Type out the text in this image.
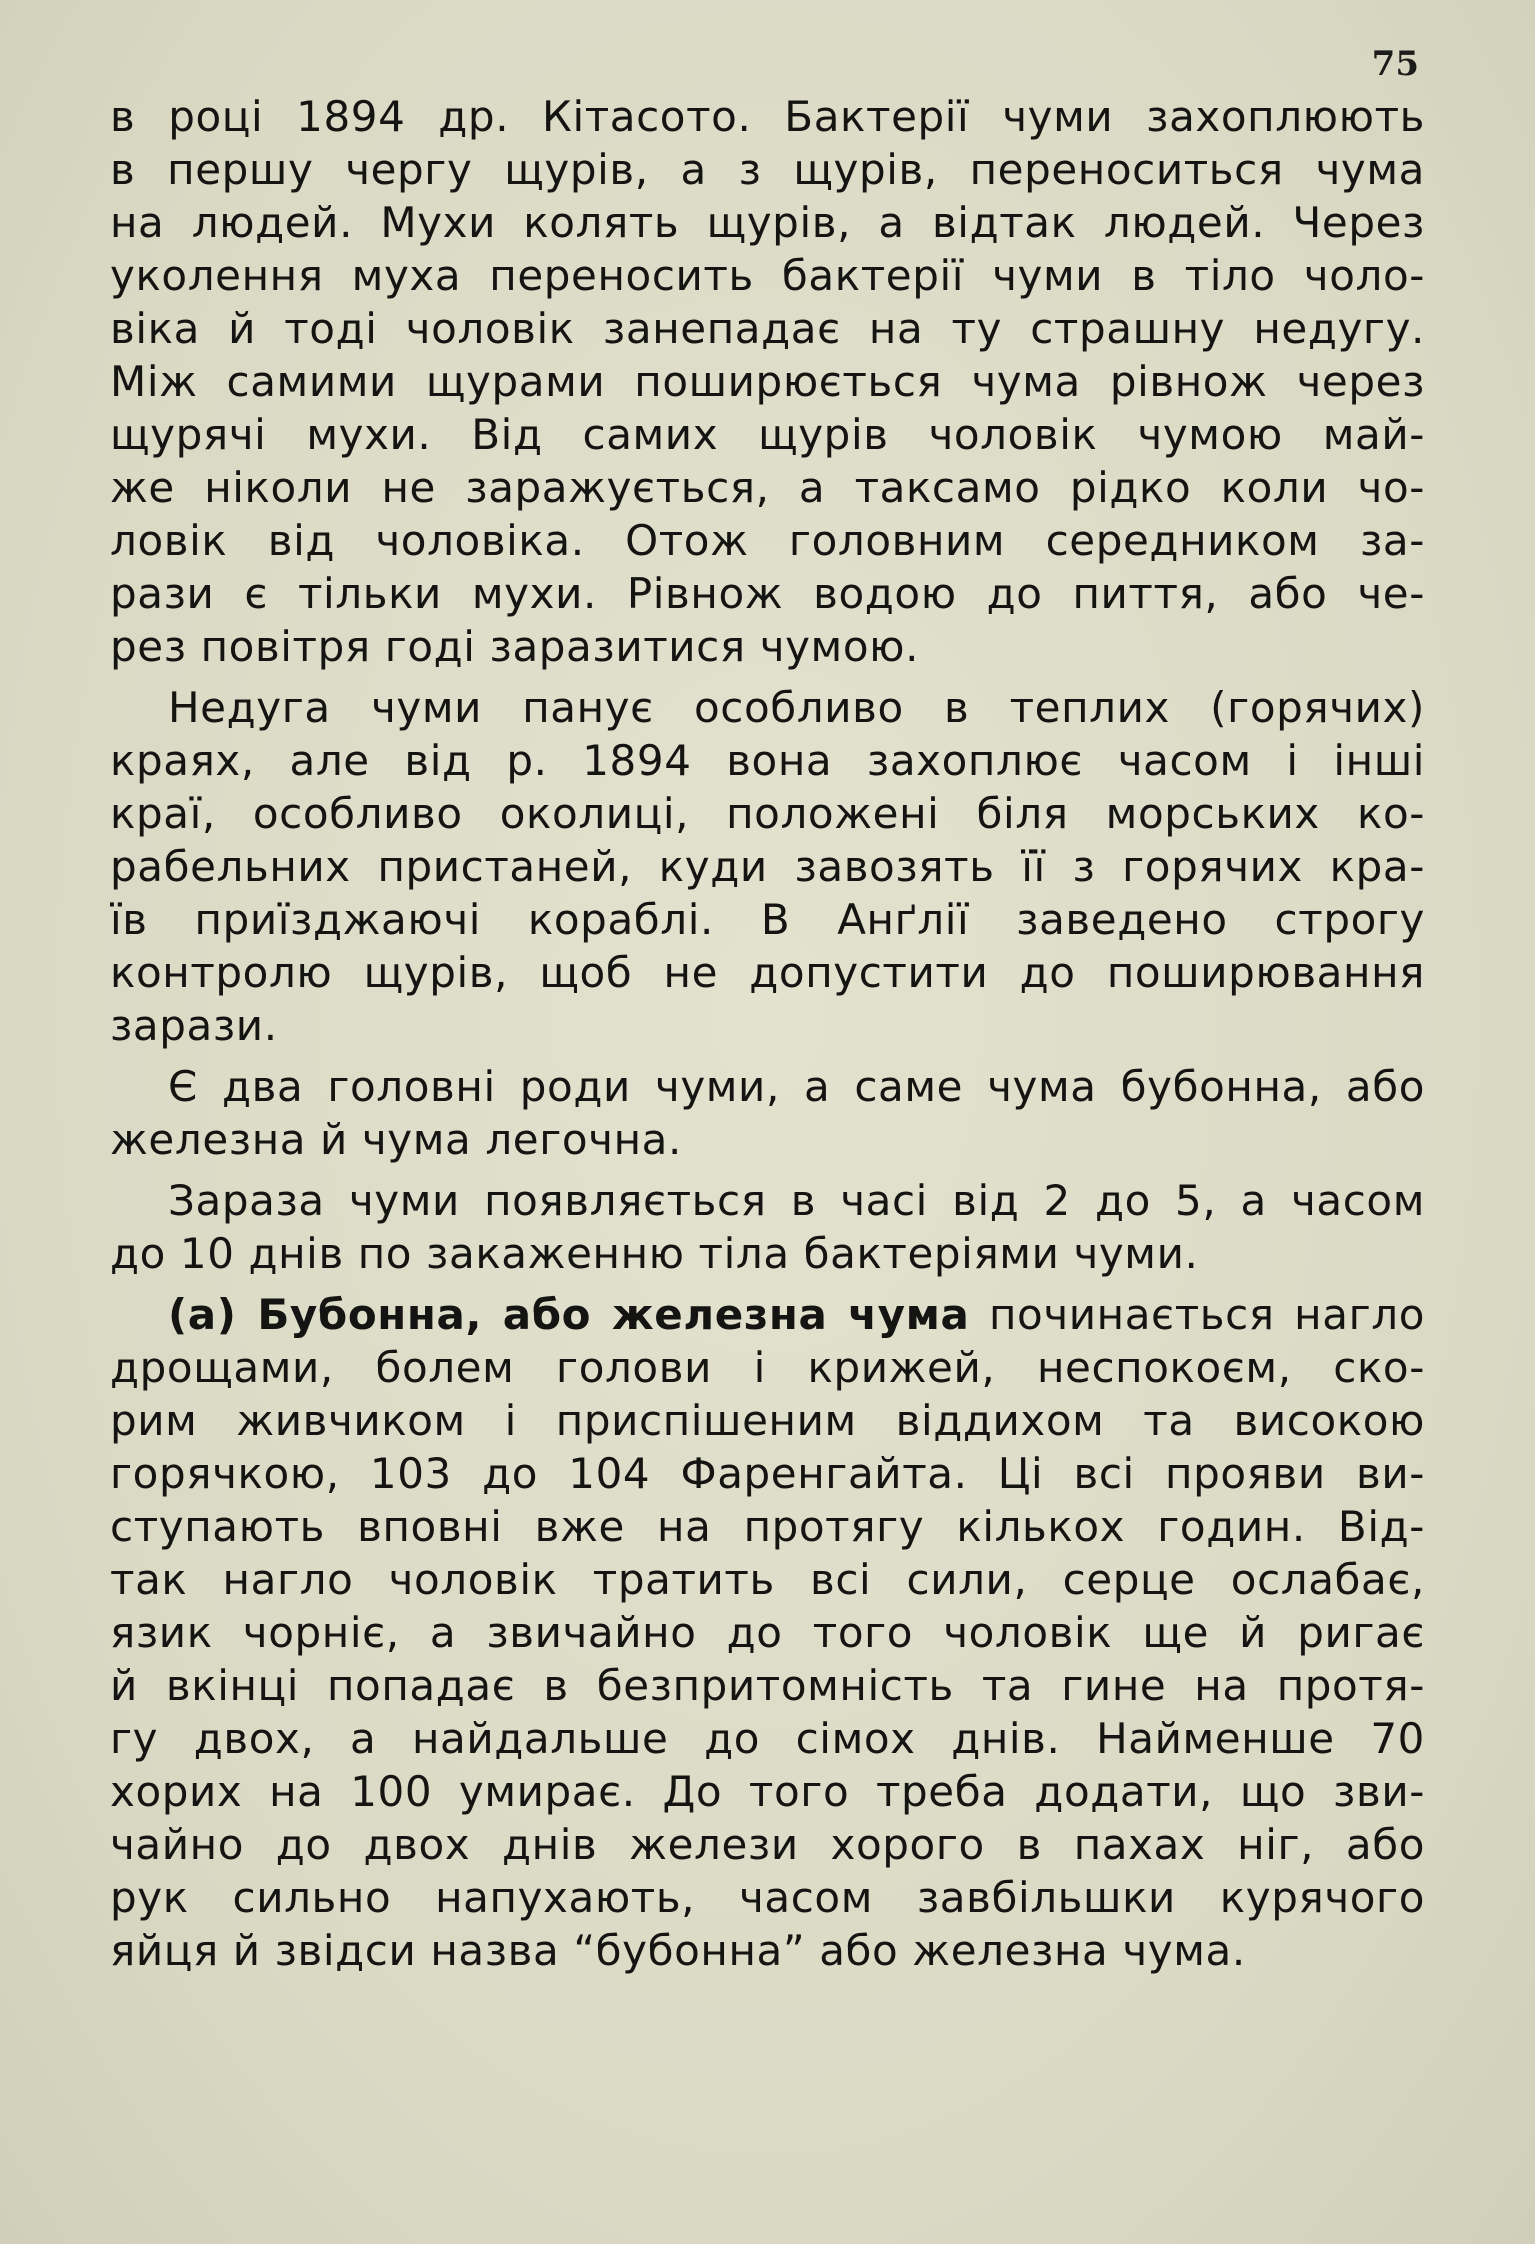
75
в році 1894 др. Кітасото. Бактерії чуми захоплюють
в першу чергу щурів, а з щурів, переноситься чума
на людей. Мухи колять щурів, а відтак людей. Через
уколення муха переносить бактерії чуми в тіло чоло-
віка й тоді чоловік занепадає на ту страшну недугу.
Між самими щурами поширюється чума рівнож через
щурячі мухи. Від самих щурів чоловік чумою май-
же ніколи не заражується, а таксамо рідко коли чо-
ловік від чоловіка. Отож головним середником за-
рази є тільки мухи. Рівнож водою до пиття, або че-
рез повітря годі заразитися чумою.
Недуга чуми панує особливо в теплих (горячих)
краях, але від р. 1894 вона захоплює часом і інші
краї, особливо околиці, положені біля морських ко-
рабельних пристаней, куди завозять її з горячих кра-
їв приїзджаючі кораблі. В Анґлії заведено строгу
контролю щурів, щоб не допустити до поширювання
зарази.
Є два головні роди чуми, а саме чума бубонна, або
железна й чума легочна.
Зараза чуми появляється в часі від 2 до 5, а часом
до 10 днів по закаженню тіла бактеріями чуми.
(а) Бубонна, або железна чума починається нагло
дрощами, болем голови і крижей, неспокоєм, ско-
рим живчиком і приспішеним віддихом та високою
горячкою, 103 до 104 Фаренгайта. Ці всі прояви ви-
ступають вповні вже на протягу кількох годин. Від-
так нагло чоловік тратить всі сили, серце ослабає,
язик чорніє, а звичайно до того чоловік ще й ригає
й вкінці попадає в безпритомність та гине на протя-
гу двох, а найдальше до сімох днів. Найменше 70
хорих на 100 умирає. До того треба додати, що зви-
чайно до двох днів желези хорого в пахах ніг, або
рук сильно напухають, часом завбільшки курячого
яйця й звідси назва “бубонна” або железна чума.
